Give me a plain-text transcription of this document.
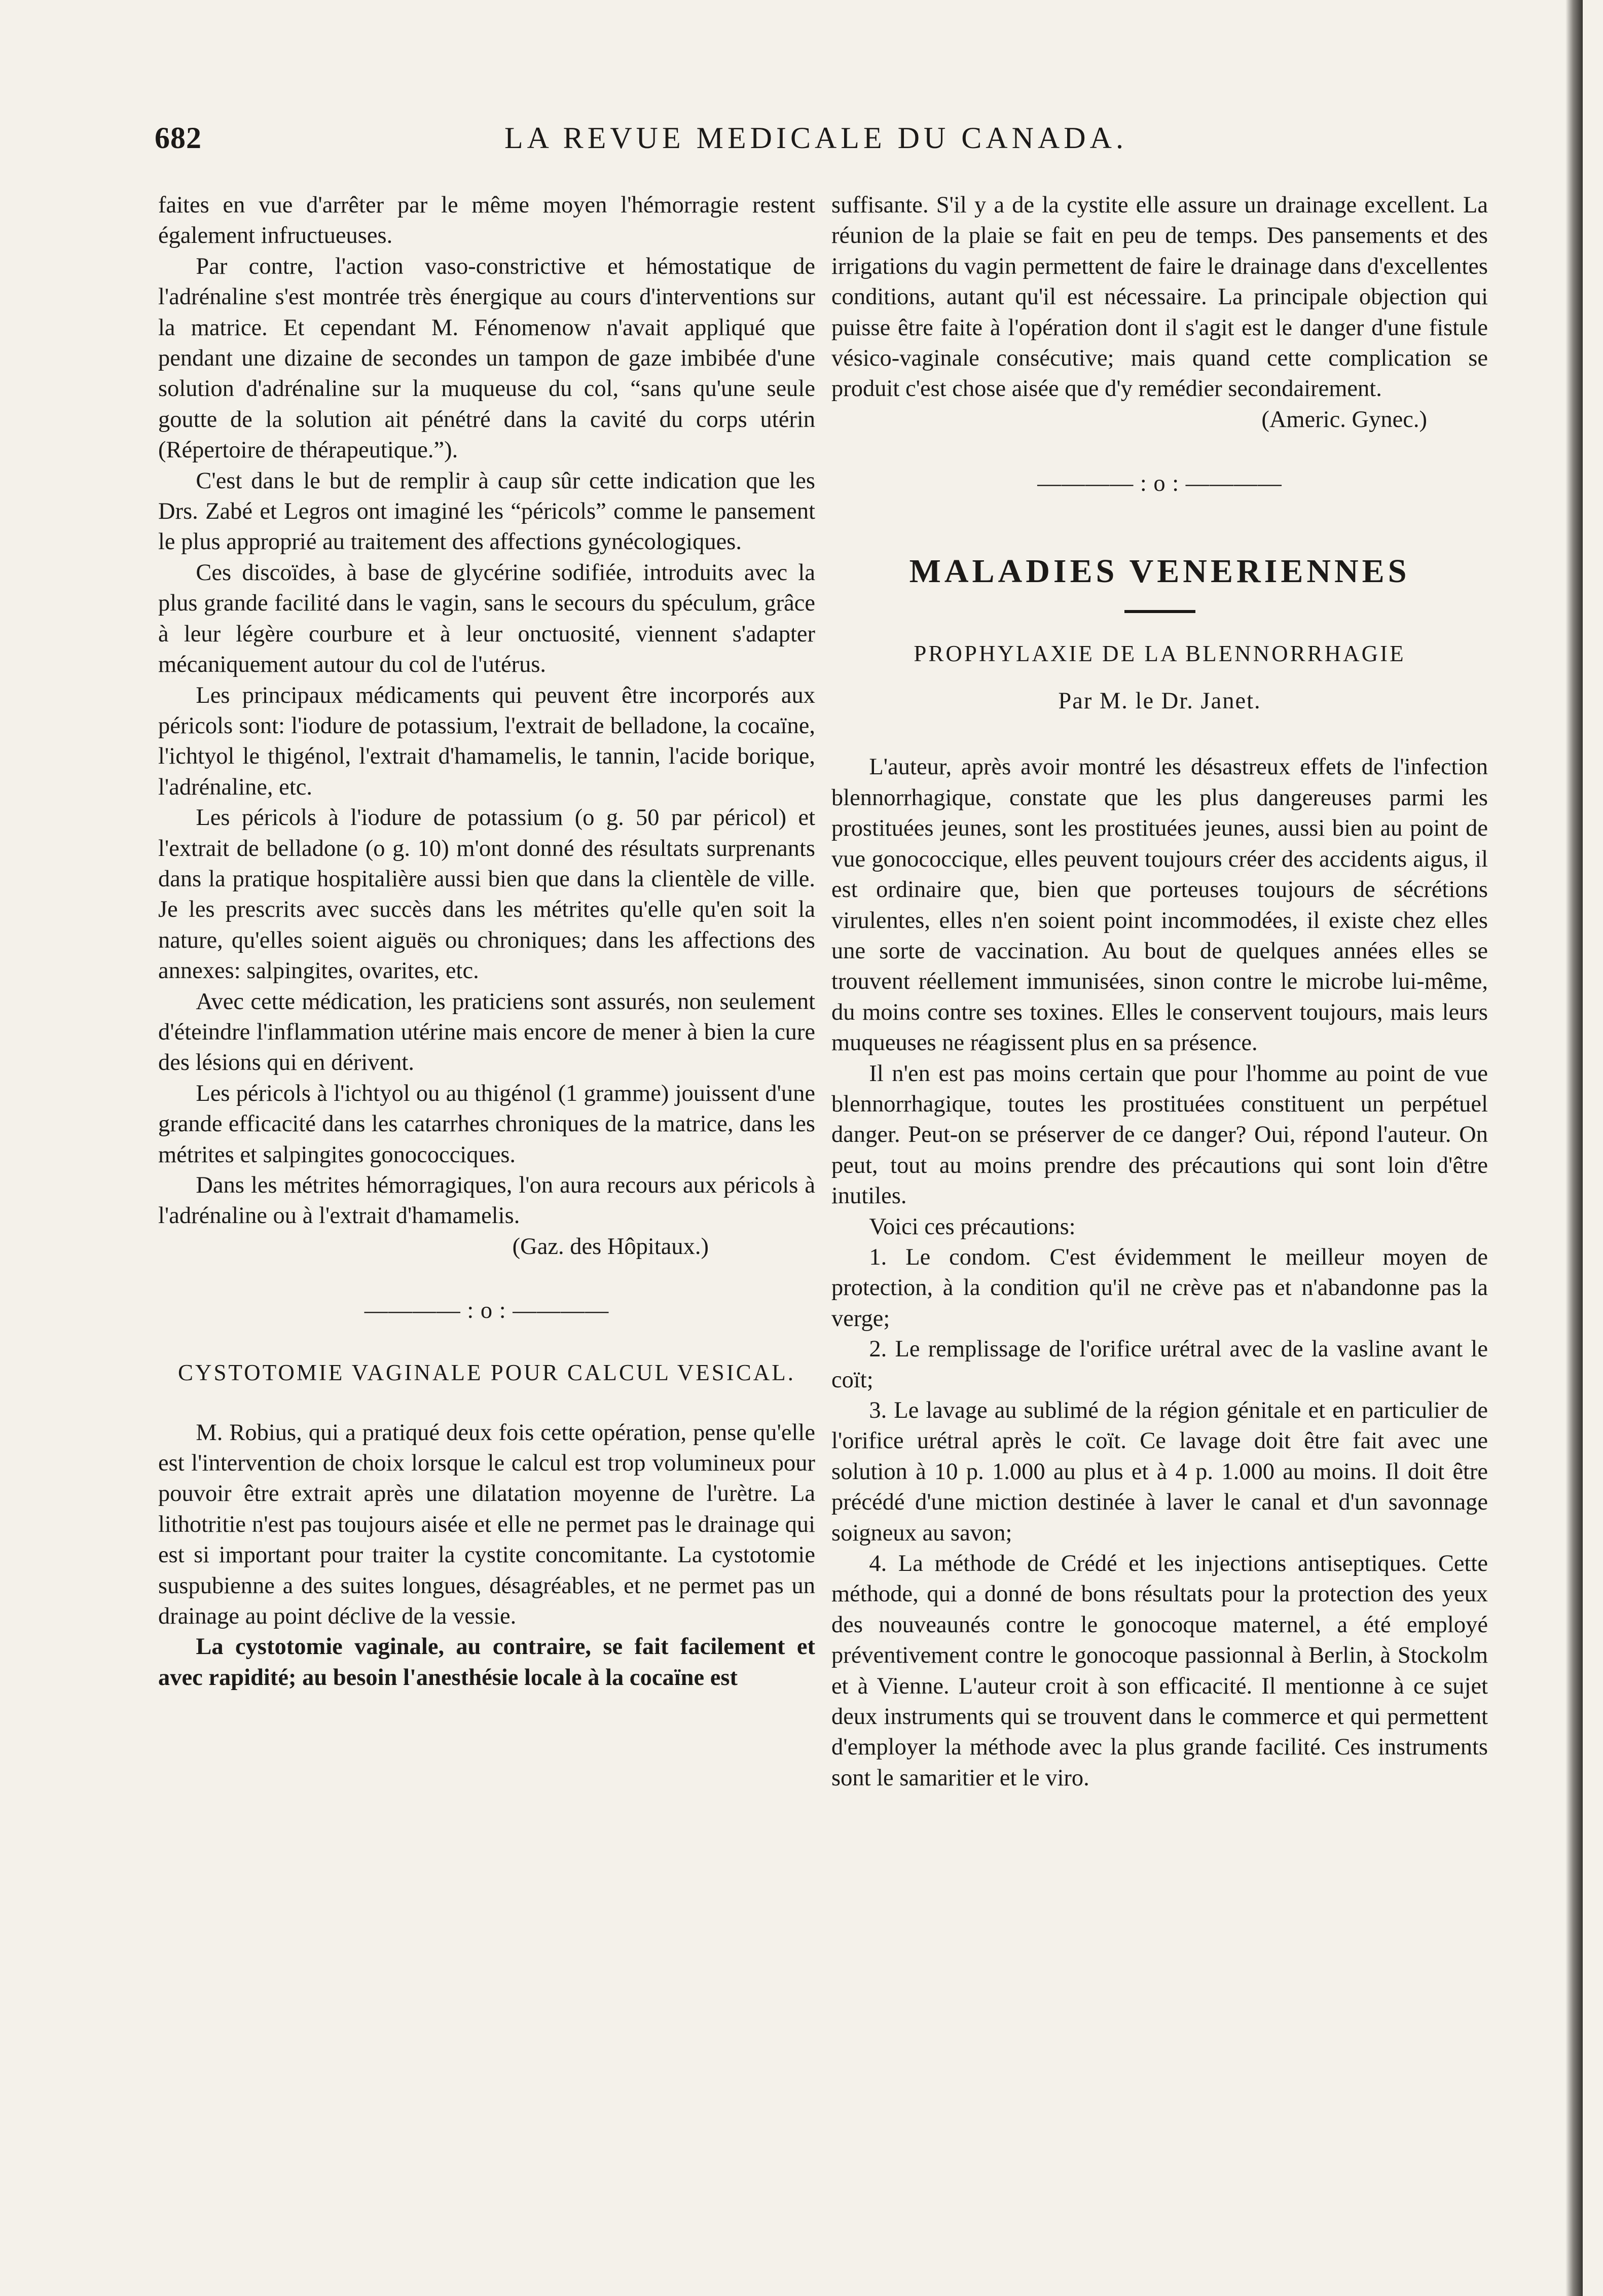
682	LA REVUE MEDICALE DU CANADA.

faites en vue d'arrêter par le même moyen l'hémorragie restent également infructueuses.

Par contre, l'action vaso-constrictive et hémostatique de l'adrénaline s'est montrée très énergique au cours d'interventions sur la matrice. Et cependant M. Fénomenow n'avait appliqué que pendant une dizaine de secondes un tampon de gaze imbibée d'une solution d'adrénaline sur la muqueuse du col, “sans qu'une seule goutte de la solution ait pénétré dans la cavité du corps utérin (Répertoire de thérapeutique.”).

C'est dans le but de remplir à caup sûr cette indication que les Drs. Zabé et Legros ont imaginé les “péricols” comme le pansement le plus approprié au traitement des affections gynécologiques.

Ces discoïdes, à base de glycérine sodifiée, introduits avec la plus grande facilité dans le vagin, sans le secours du spéculum, grâce à leur légère courbure et à leur onctuosité, viennent s'adapter mécaniquement autour du col de l'utérus.

Les principaux médicaments qui peuvent être incorporés aux péricols sont: l'iodure de potassium, l'extrait de belladone, la cocaïne, l'ichtyol le thigénol, l'extrait d'hamamelis, le tannin, l'acide borique, l'adrénaline, etc.

Les péricols à l'iodure de potassium (o g. 50 par péricol) et l'extrait de belladone (o g. 10) m'ont donné des résultats surprenants dans la pratique hospitalière aussi bien que dans la clientèle de ville. Je les prescrits avec succès dans les métrites qu'elle qu'en soit la nature, qu'elles soient aiguës ou chroniques; dans les affections des annexes: salpingites, ovarites, etc.

Avec cette médication, les praticiens sont assurés, non seulement d'éteindre l'inflammation utérine mais encore de mener à bien la cure des lésions qui en dérivent.

Les péricols à l'ichtyol ou au thigénol (1 gramme) jouissent d'une grande efficacité dans les catarrhes chroniques de la matrice, dans les métrites et salpingites gonococciques.

Dans les métrites hémorragiques, l'on aura recours aux péricols à l'adrénaline ou à l'extrait d'hamamelis.

(Gaz. des Hôpitaux.)

———— : o : ————
CYSTOTOMIE VAGINALE POUR CALCUL VESICAL.

M. Robius, qui a pratiqué deux fois cette opération, pense qu'elle est l'intervention de choix lorsque le calcul est trop volumineux pour pouvoir être extrait après une dilatation moyenne de l'urètre. La lithotritie n'est pas toujours aisée et elle ne permet pas le drainage qui est si important pour traiter la cystite concomitante. La cystotomie suspubienne a des suites longues, désagréables, et ne permet pas un drainage au point déclive de la vessie.

La cystotomie vaginale, au contraire, se fait facilement et avec rapidité; au besoin l'anesthésie locale à la cocaïne est

suffisante. S'il y a de la cystite elle assure un drainage excellent. La réunion de la plaie se fait en peu de temps. Des pansements et des irrigations du vagin permettent de faire le drainage dans d'excellentes conditions, autant qu'il est nécessaire. La principale objection qui puisse être faite à l'opération dont il s'agit est le danger d'une fistule vésico-vaginale consécutive; mais quand cette complication se produit c'est chose aisée que d'y remédier secondairement.

(Americ. Gynec.)

———— : o : ————
MALADIES VENERIENNES
PROPHYLAXIE DE LA BLENNORRHAGIE
Par M. le Dr. Janet.

L'auteur, après avoir montré les désastreux effets de l'infection blennorrhagique, constate que les plus dangereuses parmi les prostituées jeunes, sont les prostituées jeunes, aussi bien au point de vue gonococcique, elles peuvent toujours créer des accidents aigus, il est ordinaire que, bien que porteuses toujours de sécrétions virulentes, elles n'en soient point incommodées, il existe chez elles une sorte de vaccination. Au bout de quelques années elles se trouvent réellement immunisées, sinon contre le microbe lui-même, du moins contre ses toxines. Elles le conservent toujours, mais leurs muqueuses ne réagissent plus en sa présence.

Il n'en est pas moins certain que pour l'homme au point de vue blennorrhagique, toutes les prostituées constituent un perpétuel danger. Peut-on se préserver de ce danger? Oui, répond l'auteur. On peut, tout au moins prendre des précautions qui sont loin d'être inutiles.

Voici ces précautions:

1. Le condom. C'est évidemment le meilleur moyen de protection, à la condition qu'il ne crève pas et n'abandonne pas la verge;

2. Le remplissage de l'orifice urétral avec de la vasline avant le coït;

3. Le lavage au sublimé de la région génitale et en particulier de l'orifice urétral après le coït. Ce lavage doit être fait avec une solution à 10 p. 1.000 au plus et à 4 p. 1.000 au moins. Il doit être précédé d'une miction destinée à laver le canal et d'un savonnage soigneux au savon;

4. La méthode de Crédé et les injections antiseptiques. Cette méthode, qui a donné de bons résultats pour la protection des yeux des nouveaunés contre le gonocoque maternel, a été employé préventivement contre le gonocoque passionnal à Berlin, à Stockolm et à Vienne. L'auteur croit à son efficacité. Il mentionne à ce sujet deux instruments qui se trouvent dans le commerce et qui permettent d'employer la méthode avec la plus grande facilité. Ces instruments sont le samaritier et le viro.
